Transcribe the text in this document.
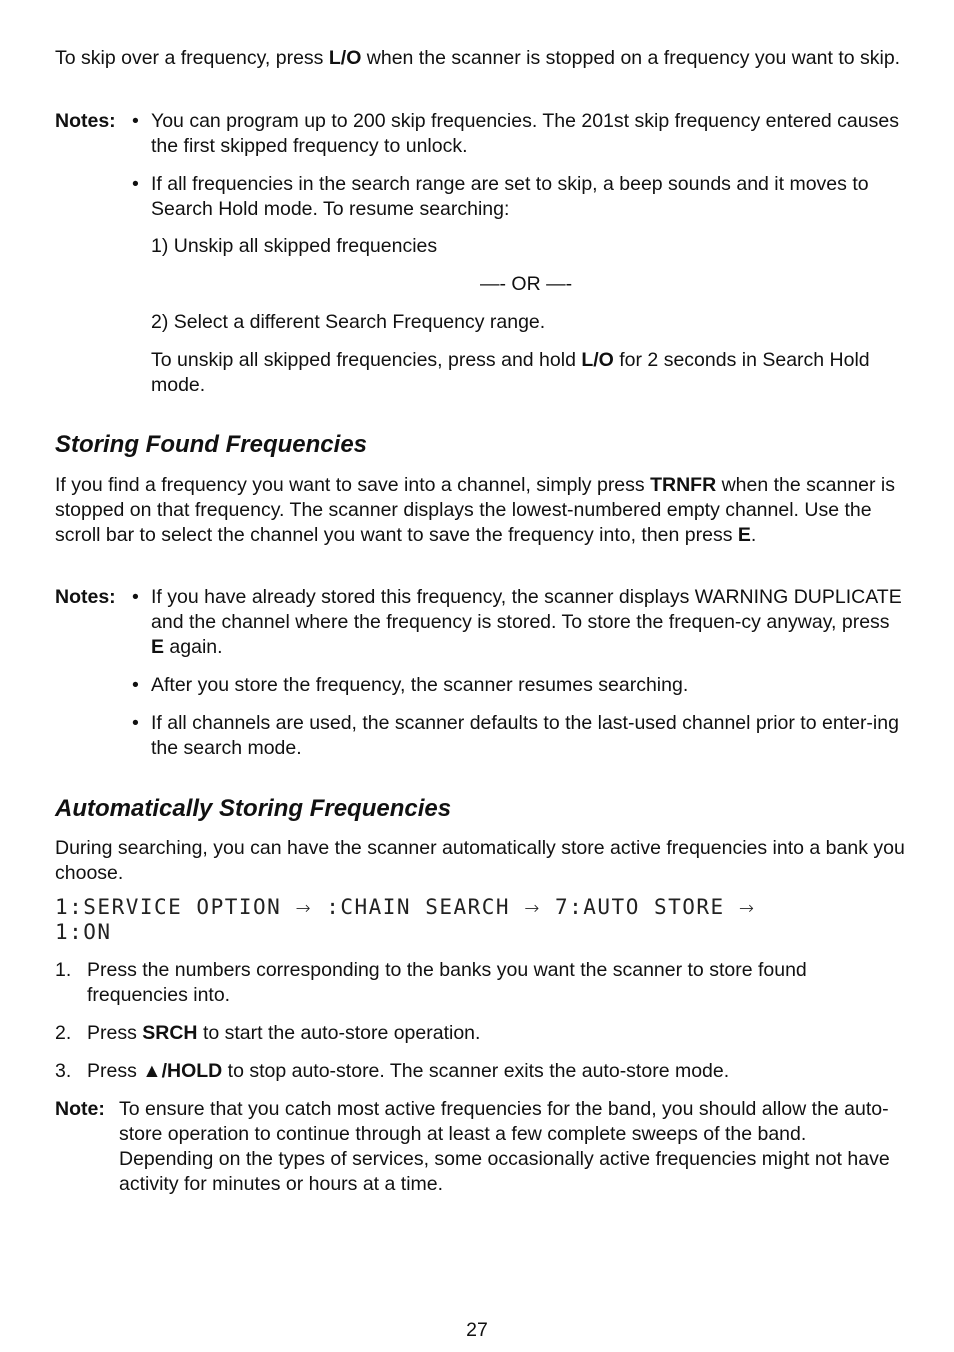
To skip over a frequency, press L/O when the scanner is stopped on a frequency you want to skip.

Notes: • You can program up to 200 skip frequencies. The 201st skip frequency entered causes the first skipped frequency to unlock.

• If all frequencies in the search range are set to skip, a beep sounds and it moves to Search Hold mode. To resume searching:

1) Unskip all skipped frequencies

—- OR —-

2) Select a different Search Frequency range.

To unskip all skipped frequencies, press and hold L/O for 2 seconds in Search Hold mode.

Storing Found Frequencies

If you find a frequency you want to save into a channel, simply press TRNFR when the scanner is stopped on that frequency. The scanner displays the lowest-numbered empty channel. Use the scroll bar to select the channel you want to save the frequency into, then press E.

Notes: • If you have already stored this frequency, the scanner displays WARNING DUPLICATE and the channel where the frequency is stored. To store the frequen-cy anyway, press E again.

• After you store the frequency, the scanner resumes searching.

• If all channels are used, the scanner defaults to the last-used channel prior to enter-ing the search mode.

Automatically Storing Frequencies

During searching, you can have the scanner automatically store active frequencies into a bank you choose.

1:SERVICE OPTION → :CHAIN SEARCH → 7:AUTO STORE →
1:ON
1. Press the numbers corresponding to the banks you want the scanner to store found frequencies into.

2. Press SRCH to start the auto-store operation.

3. Press ▲/HOLD to stop auto-store. The scanner exits the auto-store mode.

Note: To ensure that you catch most active frequencies for the band, you should allow the auto-store operation to continue through at least a few complete sweeps of the band. Depending on the types of services, some occasionally active frequencies might not have activity for minutes or hours at a time.

27
